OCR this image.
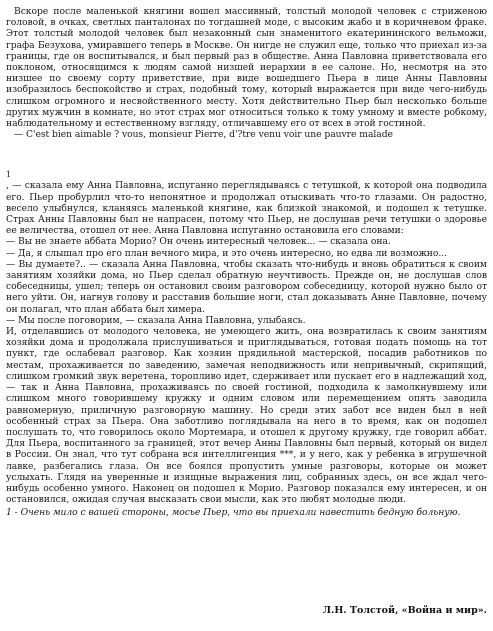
Вскоре после маленькой княгини вошел массивный, толстый молодой человек с стриженою головой, в очках, светлых панталонах по тогдашней моде, с высоким жабо и в коричневом фраке. Этот толстый молодой человек был незаконный сын знаменитого екатерининского вельможи, графа Безухова, умиравшего теперь в Москве. Он нигде не служил еще, только что приехал из-за границы, где он воспитывался, и был первый раз в обществе. Анна Павловна приветствовала его поклоном, относящимся к людям самой низшей иерархии в ее салоне. Но, несмотря на это низшее по своему сорту приветствие, при виде вошедшего Пьера в лице Анны Павловны изобразилось беспокойство и страх, подобный тому, который выражается при виде чего-нибудь слишком огромного и несвойственного месту. Хотя действительно Пьер был несколько больше других мужчин в комнате, но этот страх мог относиться только к тому умному и вместе робкому, наблюдательному и естественному взгляду, отличавшему его от всех в этой гостиной.

— C'est bien aimable ? vous, monsieur Pierre, d'?tre venu voir une pauvre malade

1

, — сказала ему Анна Павловна, испуганно переглядываясь с тетушкой, к которой она подводила его. Пьер пробурлил что-то непонятное и продолжал отыскивать что-то глазами. Он радостно, весело улыбнулся, кланяясь маленькой княгине, как близкой знакомой, и подошел к тетушке. Страх Анны Павловны был не напрасен, потому что Пьер, не дослушав речи тетушки о здоровье ее величества, отошел от нее. Анна Павловна испуганно остановила его словами:

— Вы не знаете аббата Морио? Он очень интересный человек... — сказала она.

— Да, я слышал про его план вечного мира, и это очень интересно, но едва ли возможно...

— Вы думаете?.. — сказала Анна Павловна, чтобы сказать что-нибудь и вновь обратиться к своим занятиям хозяйки дома, но Пьер сделал обратную неучтивость. Прежде он, не дослушав слов собеседницы, ушел; теперь он остановил своим разговором собеседницу, которой нужно было от него уйти. Он, нагнув голову и расставив большие ноги, стал доказывать Анне Павловне, почему он полагал, что план аббата был химера.

— Мы после поговорим, — сказала Анна Павловна, улыбаясь.

И, отделавшись от молодого человека, не умеющего жить, она возвратилась к своим занятиям хозяйки дома и продолжала прислушиваться и приглядываться, готовая подать помощь на тот пункт, где ослабевал разговор. Как хозяин прядильной мастерской, посадив работников по местам, прохаживается по заведению, замечая неподвижность или непривычный, скрипящий, слишком громкий звук веретена, торопливо идет, сдерживает или пускает его в надлежащий ход, — так и Анна Павловна, прохаживаясь по своей гостиной, подходила к замолкнувшему или слишком много говорившему кружку и одним словом или перемещением опять заводила равномерную, приличную разговорную машину. Но среди этих забот все виден был в ней особенный страх за Пьера. Она заботливо поглядывала на него в то время, как он подошел послушать то, что говорилось около Мортемара, и отошел к другому кружку, где говорил аббат. Для Пьера, воспитанного за границей, этот вечер Анны Павловны был первый, который он видел в России. Он знал, что тут собрана вся интеллигенция ***, и у него, как у ребенка в игрушечной лавке, разбегались глаза. Он все боялся пропустить умные разговоры, которые он может услыхать. Глядя на уверенные и изящные выражения лиц, собранных здесь, он все ждал чего-нибудь особенно умного. Наконец он подошел к Морио. Разговор показался ему интересен, и он остановился, ожидая случая высказать свои мысли, как это любят молодые люди.

1 - Очень мило с вашей стороны, мосье Пьер, что вы приехали навестить бедную больную.

Л.Н. Толстой, «Война и мир».
